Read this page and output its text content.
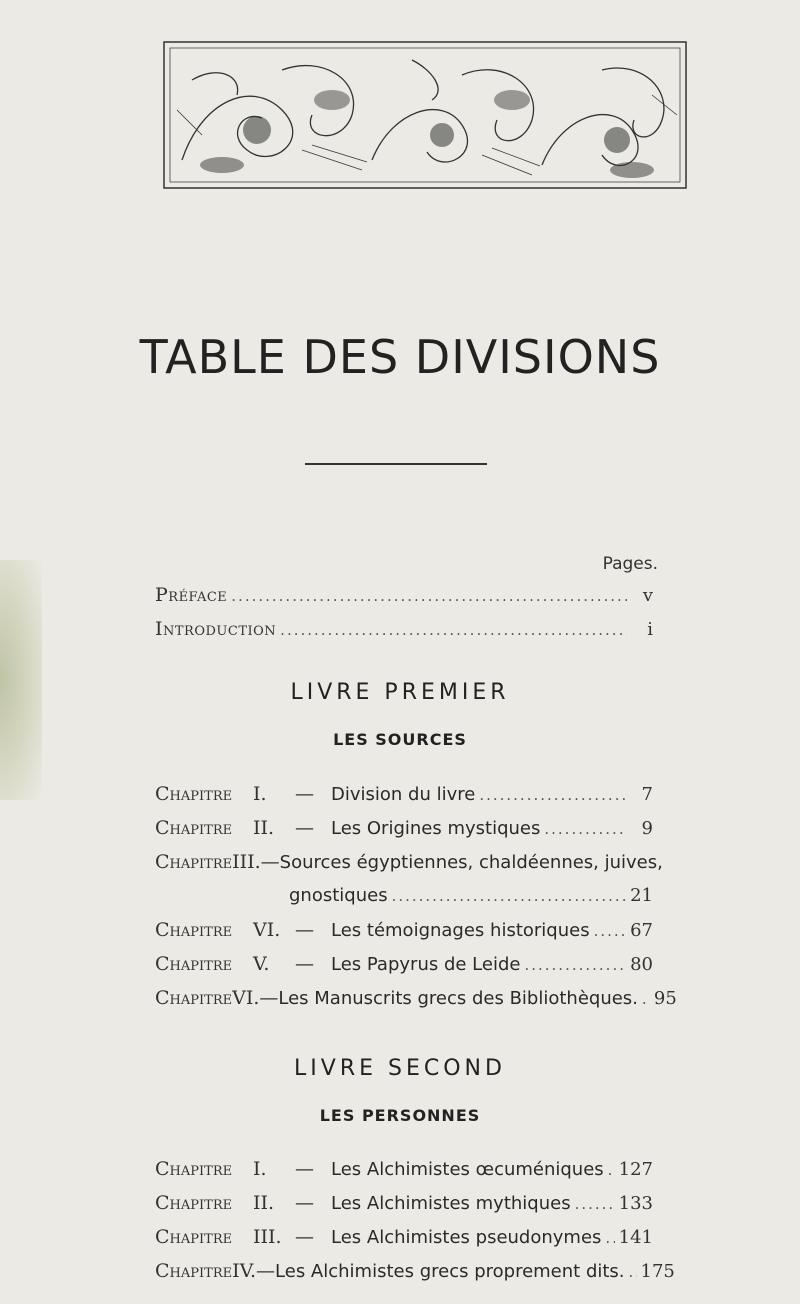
TABLE DES DIVISIONS
Pages.
Préface .....	v
Introduction .....	i
LIVRE PREMIER
LES SOURCES
Chapitre	I.	— Division du livre .....	7
Chapitre	II.	— Les Origines mystiques .....	9
Chapitre III. — Sources égyptiennes, chaldéennes, juives,
gnostiques .....	21
Chapitre	VI. — Les témoignages historiques ..... 67
Chapitre	V.	— Les Papyrus de Leide .....	80
Chapitre VI. — Les Manuscrits grecs des Bibliothèques. ..... 95
LIVRE SECOND
LES PERSONNES
Chapitre	I.	— Les Alchimistes œcuméniques ..... 127
Chapitre	II.	— Les Alchimistes mythiques .....	133
Chapitre	III. — Les Alchimistes pseudonymes ..... 141
Chapitre IV. — Les Alchimistes grecs proprement dits. ..... 175
